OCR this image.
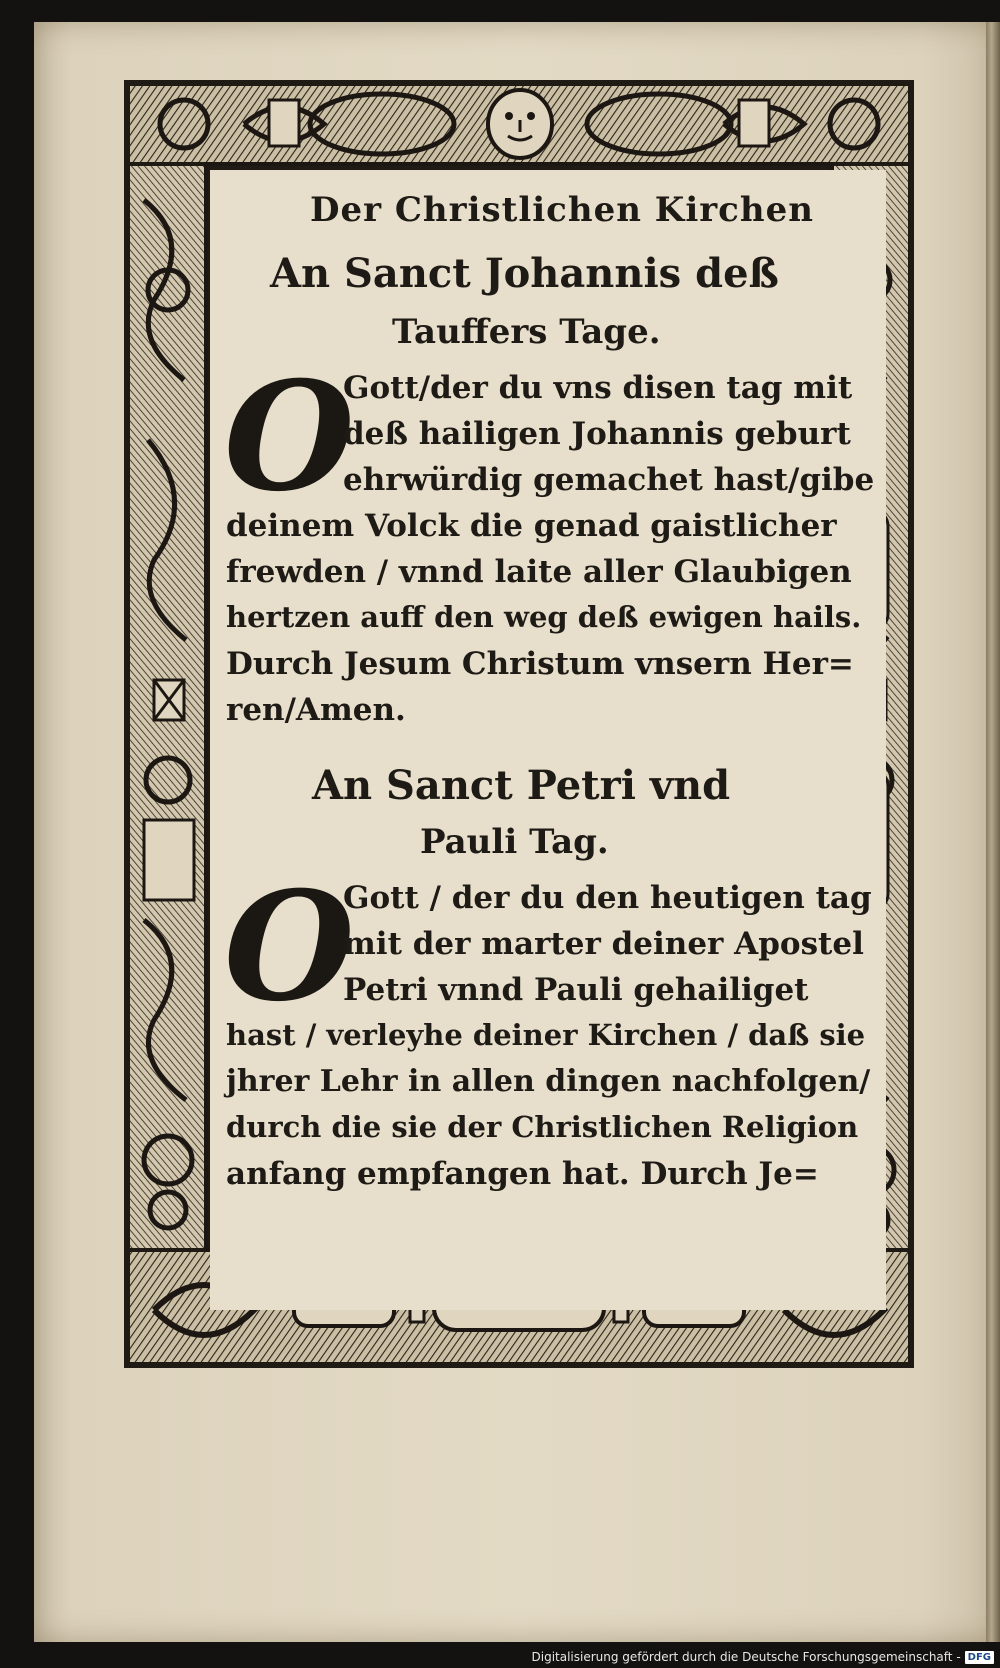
Der Christlichen Kirchen
An Sanct Johannis deß
Tauffers Tage.
O
Gott/der du vns disen tag mit
deß hailigen Johannis geburt
ehrwürdig gemachet hast/gibe
deinem Volck die genad gaistlicher
frewden / vnnd laite aller Glaubigen
hertzen auff den weg deß ewigen hails.
Durch Jesum Christum vnsern Her=
ren/Amen.
An Sanct Petri vnd
Pauli Tag.
O
Gott / der du den heutigen tag
mit der marter deiner Apostel
Petri vnnd Pauli gehailiget
hast / verleyhe deiner Kirchen / daß sie
jhrer Lehr in allen dingen nachfolgen/
durch die sie der Christlichen Religion
anfang empfangen hat. Durch Je=
Digitalisierung gefördert durch die Deutsche Forschungsgemeinschaft - DFG
